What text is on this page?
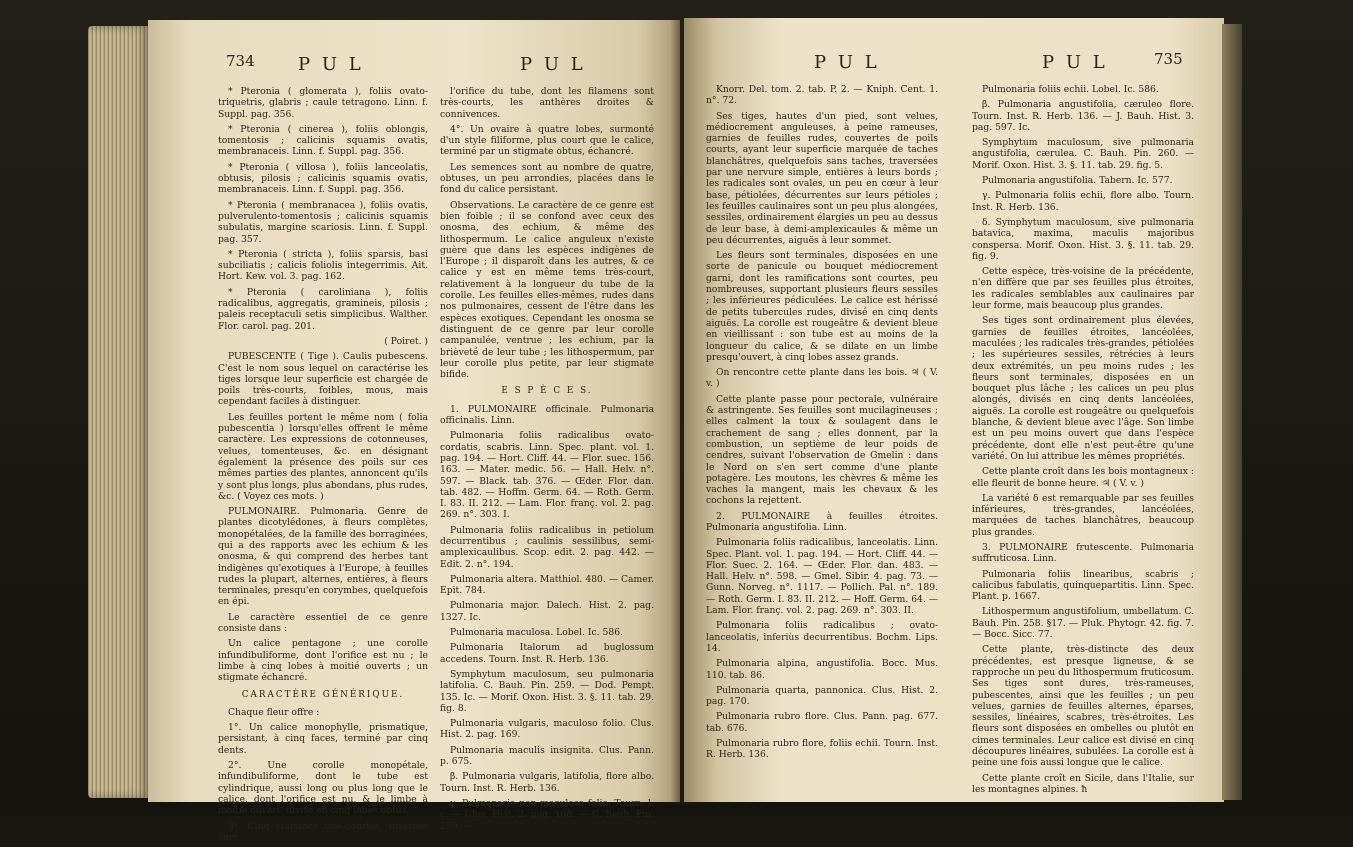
734 P U L	P U L

* Pteronia ( glomerata ), foliis ovato-triquetris, glabris ; caule tetragono. Linn. f. Suppl. pag. 356.

* Pteronia ( cinerea ), foliis oblongis, tomentosis ; calicinis squamis ovatis, membranaceis. Linn. f. Suppl. pag. 356.

* Pteronia ( villosa ), foliis lanceolatis, obtusis, pilosis ; calicinis squamis ovatis, membranaceis. Linn. f. Suppl. pag. 356.

* Pteronia ( membranacea ), foliis ovatis, pulverulento-tomentosis ; calicinis squamis subulatis, margine scariosis. Linn. f. Suppl. pag. 357.

* Pteronia ( stricta ), foliis sparsis, basi subciliatis ; calicis foliolis integerrimis. Ait. Hort. Kew. vol. 3. pag. 162.

* Pteronia ( caroliniana ), foliis radicalibus, aggregatis, gramineis, pilosis ; paleis receptaculi setis simplicibus. Walther. Flor. carol. pag. 201.

( Poiret. )

PUBESCENTE ( Tige ). Caulis pubescens. C'est le nom sous lequel on caractérise les tiges lorsque leur superficie est chargée de poils très-courts, foibles, mous, mais cependant faciles à distinguer.

Les feuilles portent le même nom ( folia pubescentia ) lorsqu'elles offrent le même caractère. Les expressions de cotonneuses, velues, tomenteuses, &c. en désignant également la présence des poils sur ces mêmes parties des plantes, annoncent qu'ils y sont plus longs, plus abondans, plus rudes, &c. ( Voyez ces mots. )

PULMONAIRE. Pulmonaria. Genre de plantes dicotylédones, à fleurs complètes, monopétalées, de la famille des borraginées, qui a des rapports avec les echium & les onosma, & qui comprend des herbes tant indigènes qu'exotiques à l'Europe, à feuilles rudes la plupart, alternes, entières, à fleurs terminales, presqu'en corymbes, quelquefois en épi.

Le caractère essentiel de ce genre consiste dans :

Un calice pentagone ; une corolle infundibuliforme, dont l'orifice est nu ; le limbe à cinq lobes à moitié ouverts ; un stigmate échancré.

CARACTÈRE GÉNÉRIQUE.

Chaque fleur offre :

1°. Un calice monophylle, prismatique, persistant, à cinq faces, terminé par cinq dents.

2°. Une corolle monopétale, infundibuliforme, dont le tube est cylindrique, aussi long ou plus long que le calice, dont l'orifice est nu, & le limbe à moitié ouvert, divisé en cinq lobes obtus.

3°. Cinq étamines très-courtes, insérées vers

l'orifice du tube, dont les filamens sont très-courts, les anthères droites & connivences.

4°. Un ovaire à quatre lobes, surmonté d'un style filiforme, plus court que le calice, terminé par un stigmate obtus, échancré.

Les semences sont au nombre de quatre, obtuses, un peu arrondies, placées dans le fond du calice persistant.

Observations. Le caractère de ce genre est bien foible ; il se confond avec ceux des onosma, des echium, & même des lithospermum. Le calice anguleux n'existe guère que dans les espèces indigènes de l'Europe ; il disparoît dans les autres, & ce calice y est en même tems très-court, relativement à la longueur du tube de la corolle. Les feuilles elles-mêmes, rudes dans nos pulmonaires, cessent de l'être dans les espèces exotiques. Cependant les onosma se distinguent de ce genre par leur corolle campanulée, ventrue ; les echium, par la brièveté de leur tube ; les lithospermum, par leur corolle plus petite, par leur stigmate bifide.

E S P È C E S.

1. PULMONAIRE officinale. Pulmonaria officinalis. Linn.

Pulmonaria foliis radicalibus ovato-cordatis, scabris. Linn. Spec. plant. vol. 1. pag. 194. — Hort. Cliff. 44. — Flor. suec. 156. 163. — Mater. medic. 56. — Hall. Helv. n°. 597. — Black. tab. 376. — Œder. Flor. dan. tab. 482. — Hoffm. Germ. 64. — Roth. Germ. I. 83. II. 212. — Lam. Flor. franç. vol. 2. pag. 269. n°. 303. I.

Pulmonaria foliis radicalibus in petiolum decurrentibus ; caulinis sessilibus, semi-amplexicaulibus. Scop. edit. 2. pag. 442. — Edit. 2. n°. 194.

Pulmonaria altera. Matthiol. 480. — Camer. Epit. 784.

Pulmonaria major. Dalech. Hist. 2. pag. 1327. Ic.

Pulmonaria maculosa. Lobel. Ic. 586.

Pulmonaria Italorum ad buglossum accedens. Tourn. Inst. R. Herb. 136.

Symphytum maculosum, seu pulmonaria latifolia. C. Bauh. Pin. 259. — Dod. Pempt. 135. Ic. — Morif. Oxon. Hist. 3. §. 11. tab. 29. fig. 8.

Pulmonaria vulgaris, maculoso folio. Clus. Hist. 2. pag. 169.

Pulmonaria maculis insignita. Clus. Pann. p. 675.

β. Pulmonaria vulgaris, latifolia, flore albo. Tourn. Inst. R. Herb. 136.

γ. Pulmonaria non maculoso folio. Tourn. l. c. — Clus. Hist. 2. pag. 168. — C. Bauh. Pin. 259. —

P U L	P U L	735

Knorr. Del. tom. 2. tab. P. 2. — Kniph. Cent. 1. n°. 72.

Ses tiges, hautes d'un pied, sont velues, médiocrement anguleuses, à peine rameuses, garnies de feuilles rudes, couvertes de poils courts, ayant leur superficie marquée de taches blanchâtres, quelquefois sans taches, traversées par une nervure simple, entières à leurs bords ; les radicales sont ovales, un peu en cœur à leur base, pétiolées, décurrentes sur leurs pétioles ; les feuilles caulinaires sont un peu plus alongées, sessiles, ordinairement élargies un peu au dessus de leur base, à demi-amplexicaules & même un peu décurrentes, aiguës à leur sommet.

Les fleurs sont terminales, disposées en une sorte de panicule ou bouquet médiocrement garni, dont les ramifications sont courtes, peu nombreuses, supportant plusieurs fleurs sessiles ; les inférieures pédiculées. Le calice est hérissé de petits tubercules rudes, divisé en cinq dents aiguës. La corolle est rougeâtre & devient bleue en vieillissant : son tube est au moins de la longueur du calice, & se dilate en un limbe presqu'ouvert, à cinq lobes assez grands.

On rencontre cette plante dans les bois. ♃ ( V. v. )

Cette plante passe pour pectorale, vulnéraire & astringente. Ses feuilles sont mucilagineuses ; elles calment la toux & soulagent dans le crachement de sang ; elles donnent, par la combustion, un septième de leur poids de cendres, suivant l'observation de Gmelin : dans le Nord on s'en sert comme d'une plante potagère. Les moutons, les chèvres & même les vaches la mangent, mais les chevaux & les cochons la rejettent.

2. PULMONAIRE à feuilles étroites. Pulmonaria angustifolia. Linn.

Pulmonaria foliis radicalibus, lanceolatis. Linn. Spec. Plant. vol. 1. pag. 194. — Hort. Cliff. 44. — Flor. Suec. 2. 164. — Œder. Flor. dan. 483. — Hall. Helv. n°. 598. — Gmel. Sibir. 4. pag. 73. — Gunn. Norveg. n°. 1117. — Pollich. Pal. n°. 189. — Roth. Germ. I. 83. II. 212. — Hoff. Germ. 64. — Lam. Flor. franç. vol. 2. pag. 269. n°. 303. II.

Pulmonaria foliis radicalibus ; ovato-lanceolatis, inferiùs decurrentibus. Bochm. Lips. 14.

Pulmonaria alpina, angustifolia. Bocc. Mus. 110. tab. 86.

Pulmonaria quarta, pannonica. Clus. Hist. 2. pag. 170.

Pulmonaria rubro flore. Clus. Pann. pag. 677. tab. 676.

Pulmonaria rubro flore, foliis echii. Tourn. Inst. R. Herb. 136.

Pulmonaria foliis echii. Lobel. Ic. 586.

β. Pulmonaria angustifolia, cæruleo flore. Tourn. Inst. R. Herb. 136. — J. Bauh. Hist. 3. pag. 597. Ic.

Symphytum maculosum, sive pulmonaria angustifolia, cærulea. C. Bauh. Pin. 260. — Morif. Oxon. Hist. 3. §. 11. tab. 29. fig. 5.

Pulmonaria angustifolia. Tabern. Ic. 577.

γ. Pulmonaria foliis echii, flore albo. Tourn. Inst. R. Herb. 136.

δ. Symphytum maculosum, sive pulmonaria batavica, maxima, maculis majoribus conspersa. Morif. Oxon. Hist. 3. §. 11. tab. 29. fig. 9.

Cette espèce, très-voisine de la précédente, n'en diffère que par ses feuilles plus étroites, les radicales semblables aux caulinaires par leur forme, mais beaucoup plus grandes.

Ses tiges sont ordinairement plus élevées, garnies de feuilles étroites, lancéolées, maculées ; les radicales très-grandes, pétiolées ; les supérieures sessiles, rétrécies à leurs deux extrémités, un peu moins rudes ; les fleurs sont terminales, disposées en un bouquet plus lâche ; les calices un peu plus alongés, divisés en cinq dents lancéolées, aiguës. La corolle est rougeâtre ou quelquefois blanche, & devient bleue avec l'âge. Son limbe est un peu moins ouvert que dans l'espèce précédente, dont elle n'est peut-être qu'une variété. On lui attribue les mêmes propriétés.

Cette plante croît dans les bois montagneux : elle fleurit de bonne heure. ♃ ( V. v. )

La variété δ est remarquable par ses feuilles inférieures, très-grandes, lancéolées, marquées de taches blanchâtres, beaucoup plus grandes.

3. PULMONAIRE frutescente. Pulmonaria suffruticosa. Linn.

Pulmonaria foliis linearibus, scabris ; calicibus fabulatis, quinquepartitis. Linn. Spec. Plant. p. 1667.

Lithospermum angustifolium, umbellatum. C. Bauh. Pin. 258. §17. — Pluk. Phytogr. 42. fig. 7. — Bocc. Sicc. 77.

Cette plante, très-distincte des deux précédentes, est presque ligneuse, & se rapproche un peu du lithospermum fruticosum. Ses tiges sont dures, très-rameuses, pubescentes, ainsi que les feuilles ; un peu velues, garnies de feuilles alternes, éparses, sessiles, linéaires, scabres, très-étroites. Les fleurs sont disposées en ombelles ou plutôt en cimes terminales. Leur calice est divisé en cinq découpures linéaires, subulées. La corolle est à peine une fois aussi longue que le calice.

Cette plante croît en Sicile, dans l'Italie, sur les montagnes alpines. ħ
